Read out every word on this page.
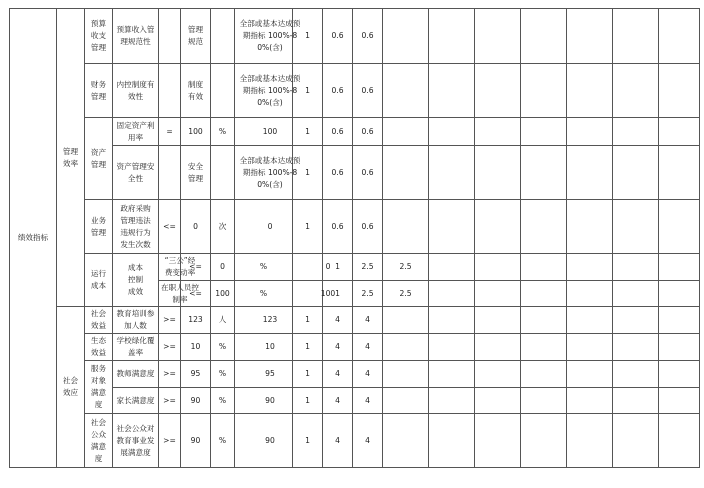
绩效指标	管理效率	预算收支管理	预算收入管理规范性		管理规范		全部或基本达成预期指标 100%-80%(含)	1	0.6	0.6								
		财务管理	内控制度有效性		制度有效		全部或基本达成预期指标 100%-80%(含)	1	0.6	0.6								
		资产管理	固定资产利用率	=	100	%	100	1	0.6	0.6								
			资产管理安全性		安全管理		全部或基本达成预期指标 100%-80%(含)	1	0.6	0.6								
		业务管理	政府采购管理违法违规行为发生次数	<=	0	次	0	1	0.6	0.6								
		运行成本	成本控制成效	“三公”经费变动率	<=	0	%	0	1	2.5	2.5							
				在职人员控制率	<=	100	%	100	1	2.5	2.5							
	社会效应	社会效益	教育培训参加人数	>=	123	人	123	1	4	4								
		生态效益	学校绿化覆盖率	>=	10	%	10	1	4	4								
		服务对象满意度	教师满意度	>=	95	%	95	1	4	4								
			家长满意度	>=	90	%	90	1	4	4								
		社会公众满意度	社会公众对教育事业发展满意度	>=	90	%	90	1	4	4								
